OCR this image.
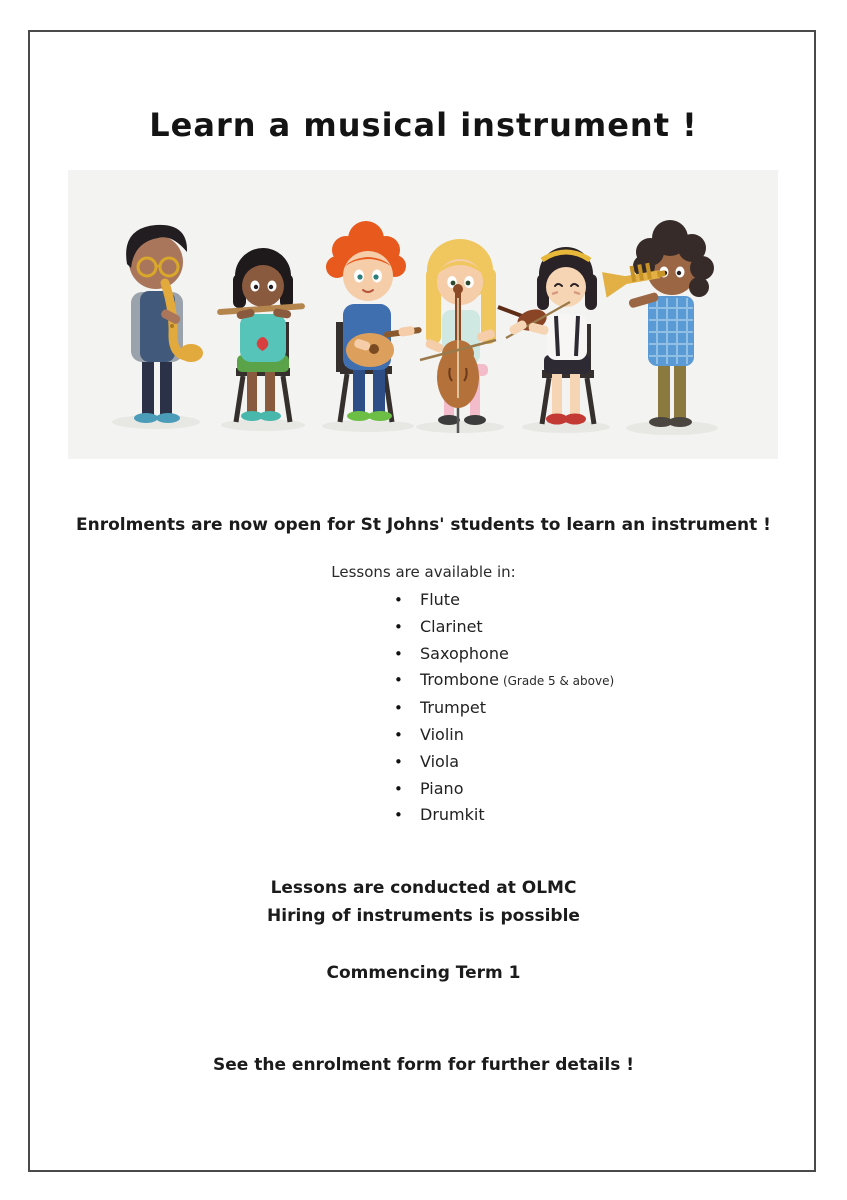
Learn a musical instrument !
Enrolments are now open for St Johns' students to learn an instrument !
Lessons are available in:
• Flute
• Clarinet
• Saxophone
• Trombone (Grade 5 & above)
• Trumpet
• Violin
• Viola
• Piano
• Drumkit
Lessons are conducted at OLMC
Hiring of instruments is possible
Commencing Term 1
See the enrolment form for further details !
